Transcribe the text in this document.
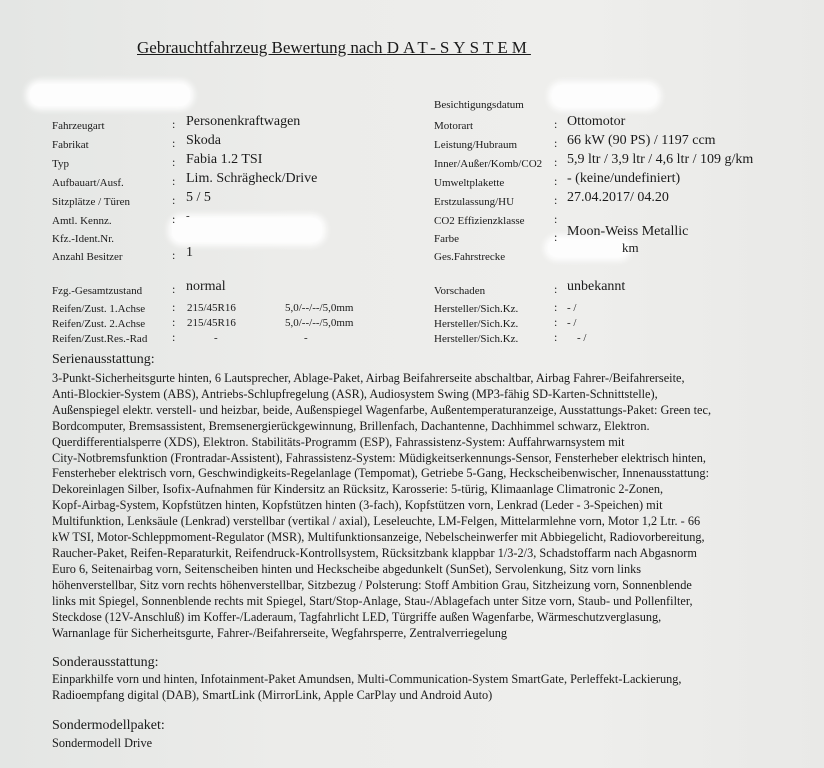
Gebrauchtfahrzeug Bewertung nach DAT-SYSTEM
Fahrzeugart	: Personenkraftwagen
Fabrikat	: Skoda
Typ	: Fabia 1.2 TSI
Aufbauart/Ausf.	: Lim. Schrägheck/Drive
Sitzplätze / Türen	: 5 / 5
Amtl. Kennz.	: -
Kfz.-Ident.Nr.
Anzahl Besitzer	: 1
Fzg.-Gesamtzustand : normal
Besichtigungsdatum
Motorart	: Ottomotor
Leistung/Hubraum	: 66 kW (90 PS) / 1197 ccm
Inner/Außer/Komb/CO2 : 5,9 ltr / 3,9 ltr / 4,6 ltr / 109 g/km
Umweltplakette	: - (keine/undefiniert)
Erstzulassung/HU	: 27.04.2017/ 04.20
CO2 Effizienzklasse :
Farbe	: Moon-Weiss Metallic
Ges.Fahrstrecke
km
Vorschaden	: unbekannt
Reifen/Zust. 1.Achse : 215/45R16	5,0/--/--/5,0mm	Hersteller/Sich.Kz.	: - /
Reifen/Zust. 2.Achse : 215/45R16	5,0/--/--/5,0mm	Hersteller/Sich.Kz.	: - /
Reifen/Zust.Res.-Rad :	-	-	Hersteller/Sich.Kz.	: - /
Serienausstattung:
3-Punkt-Sicherheitsgurte hinten, 6 Lautsprecher, Ablage-Paket, Airbag Beifahrerseite abschaltbar, Airbag Fahrer-/Beifahrerseite,
Anti-Blockier-System (ABS), Antriebs-Schlupfregelung (ASR), Audiosystem Swing (MP3-fähig SD-Karten-Schnittstelle),
Außenspiegel elektr. verstell- und heizbar, beide, Außenspiegel Wagenfarbe, Außentemperaturanzeige, Ausstattungs-Paket: Green tec,
Bordcomputer, Bremsassistent, Bremsenergierückgewinnung, Brillenfach, Dachantenne, Dachhimmel schwarz, Elektron.
Querdifferentialsperre (XDS), Elektron. Stabilitäts-Programm (ESP), Fahrassistenz-System: Auffahrwarnsystem mit
City-Notbremsfunktion (Frontradar-Assistent), Fahrassistenz-System: Müdigkeitserkennungs-Sensor, Fensterheber elektrisch hinten,
Fensterheber elektrisch vorn, Geschwindigkeits-Regelanlage (Tempomat), Getriebe 5-Gang, Heckscheibenwischer, Innenausstattung:
Dekoreinlagen Silber, Isofix-Aufnahmen für Kindersitz an Rücksitz, Karosserie: 5-türig, Klimaanlage Climatronic 2-Zonen,
Kopf-Airbag-System, Kopfstützen hinten, Kopfstützen hinten (3-fach), Kopfstützen vorn, Lenkrad (Leder - 3-Speichen) mit
Multifunktion, Lenksäule (Lenkrad) verstellbar (vertikal / axial), Leseleuchte, LM-Felgen, Mittelarmlehne vorn, Motor 1,2 Ltr. - 66
kW TSI, Motor-Schleppmoment-Regulator (MSR), Multifunktionsanzeige, Nebelscheinwerfer mit Abbiegelicht, Radiovorbereitung,
Raucher-Paket, Reifen-Reparaturkit, Reifendruck-Kontrollsystem, Rücksitzbank klappbar 1/3-2/3, Schadstoffarm nach Abgasnorm
Euro 6, Seitenairbag vorn, Seitenscheiben hinten und Heckscheibe abgedunkelt (SunSet), Servolenkung, Sitz vorn links
höhenverstellbar, Sitz vorn rechts höhenverstellbar, Sitzbezug / Polsterung: Stoff Ambition Grau, Sitzheizung vorn, Sonnenblende
links mit Spiegel, Sonnenblende rechts mit Spiegel, Start/Stop-Anlage, Stau-/Ablagefach unter Sitze vorn, Staub- und Pollenfilter,
Steckdose (12V-Anschluß) im Koffer-/Laderaum, Tagfahrlicht LED, Türgriffe außen Wagenfarbe, Wärmeschutzverglasung,
Warnanlage für Sicherheitsgurte, Fahrer-/Beifahrerseite, Wegfahrsperre, Zentralverriegelung
Sonderausstattung:
Einparkhilfe vorn und hinten, Infotainment-Paket Amundsen, Multi-Communication-System SmartGate, Perleffekt-Lackierung,
Radioempfang digital (DAB), SmartLink (MirrorLink, Apple CarPlay und Android Auto)
Sondermodellpaket:
Sondermodell Drive
